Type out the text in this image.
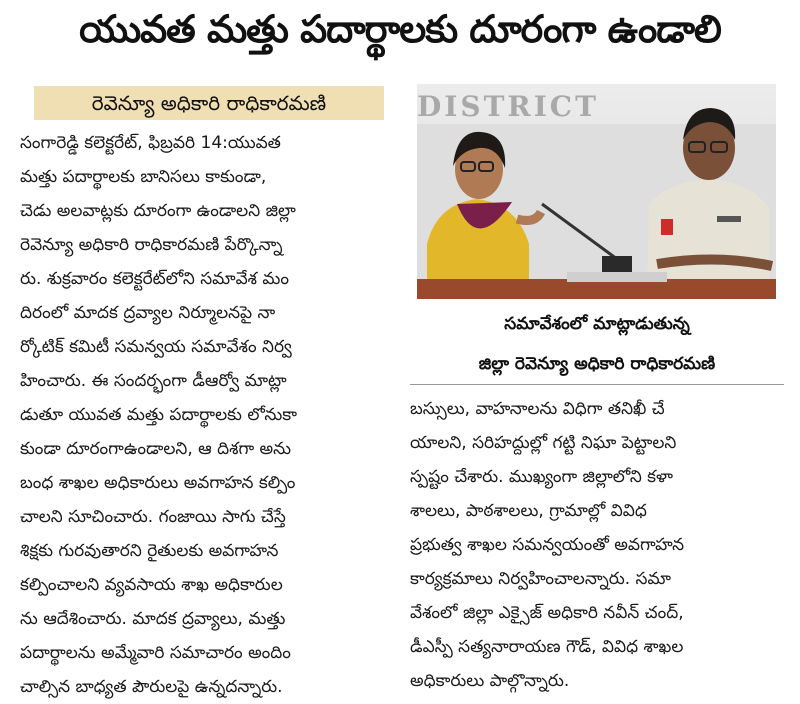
యువత మత్తు పదార్థాలకు దూరంగా ఉండాలి
రెవెన్యూ అధికారి రాధికారమణి
సంగారెడ్డి కలెక్టరేట్, ఫిబ్రవరి 14:యువత
మత్తు పదార్థాలకు బానిసలు కాకుండా,
చెడు అలవాట్లకు దూరంగా ఉండాలని జిల్లా
రెవెన్యూ అధికారి రాధికారమణి పేర్కొన్నా
రు. శుక్రవారం కలెక్టరేట్‌లోని సమావేశ మం
దిరంలో మాదక ద్రవ్యాల నిర్మూలనపై నా
ర్కోటిక్ కమిటీ సమన్వయ సమావేశం నిర్వ
హించారు. ఈ సందర్భంగా డీఆర్వో మాట్లా
డుతూ యువత మత్తు పదార్థాలకు లోనుకా
కుండా దూరంగాఉండాలని, ఆ దిశగా అను
బంధ శాఖల అధికారులు అవగాహన కల్పిం
చాలని సూచించారు. గంజాయి సాగు చేస్తే
శిక్షకు గురవుతారని రైతులకు అవగాహన
కల్పించాలని వ్యవసాయ శాఖ అధికారుల
ను ఆదేశించారు. మాదక ద్రవ్యాలు, మత్తు
పదార్థాలను అమ్మేవారి సమాచారం అందిం
చాల్సిన బాధ్యత పౌరులపై ఉన్నదన్నారు.
DISTRICT
సమావేశంలో మాట్లాడుతున్న
జిల్లా రెవెన్యూ అధికారి రాధికారమణి
బస్సులు, వాహనాలను విధిగా తనిఖీ చే
యాలని, సరిహద్దుల్లో గట్టి నిఘా పెట్టాలని
స్పష్టం చేశారు. ముఖ్యంగా జిల్లాలోని కళా
శాలలు, పాఠశాలలు, గ్రామాల్లో వివిధ
ప్రభుత్వ శాఖల సమన్వయంతో అవగాహన
కార్యక్రమాలు నిర్వహించాలన్నారు. సమా
వేశంలో జిల్లా ఎక్సైజ్ అధికారి నవీన్ చంద్,
డీఎస్పీ సత్యనారాయణ గౌడ్, వివిధ శాఖల
అధికారులు పాల్గొన్నారు.
